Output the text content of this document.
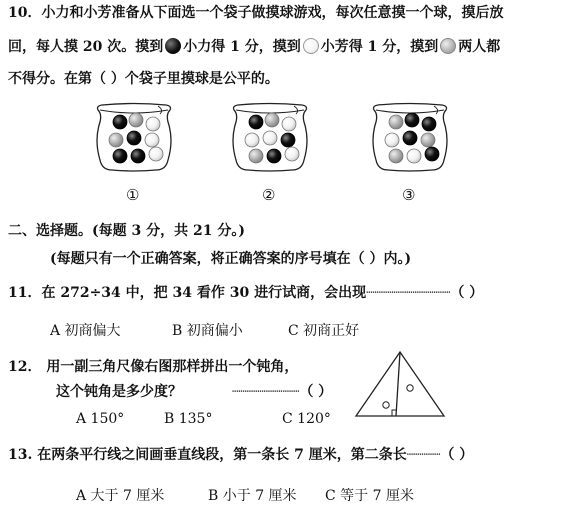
10．小力和小芳准备从下面选一个袋子做摸球游戏，每次任意摸一个球，摸后放
回，每人摸 20 次。摸到 小力得 1 分，摸到 小芳得 1 分，摸到 两人都
不得分。在第（ ）个袋子里摸球是公平的。
①	②	③
二、选择题。(每题 3 分，共 21 分。)
(每题只有一个正确答案，将正确答案的序号填在（ ）内。)
11．在 272÷34 中，把 34 看作 30 进行试商，会出现┈┈┈┈┈┈┈┈┈┈（ ）
A 初商偏大	B 初商偏小	C 初商正好
12． 用一副三角尺像右图那样拼出一个钝角，
这个钝角是多少度？	┈┈┈┈┈┈┈┈（ ）
A 150°	B 135°	C 120°
13. 在两条平行线之间画垂直线段，第一条长 7 厘米，第二条长┈┈┈┈（ ）
A 大于 7 厘米	B 小于 7 厘米 C 等于 7 厘米
